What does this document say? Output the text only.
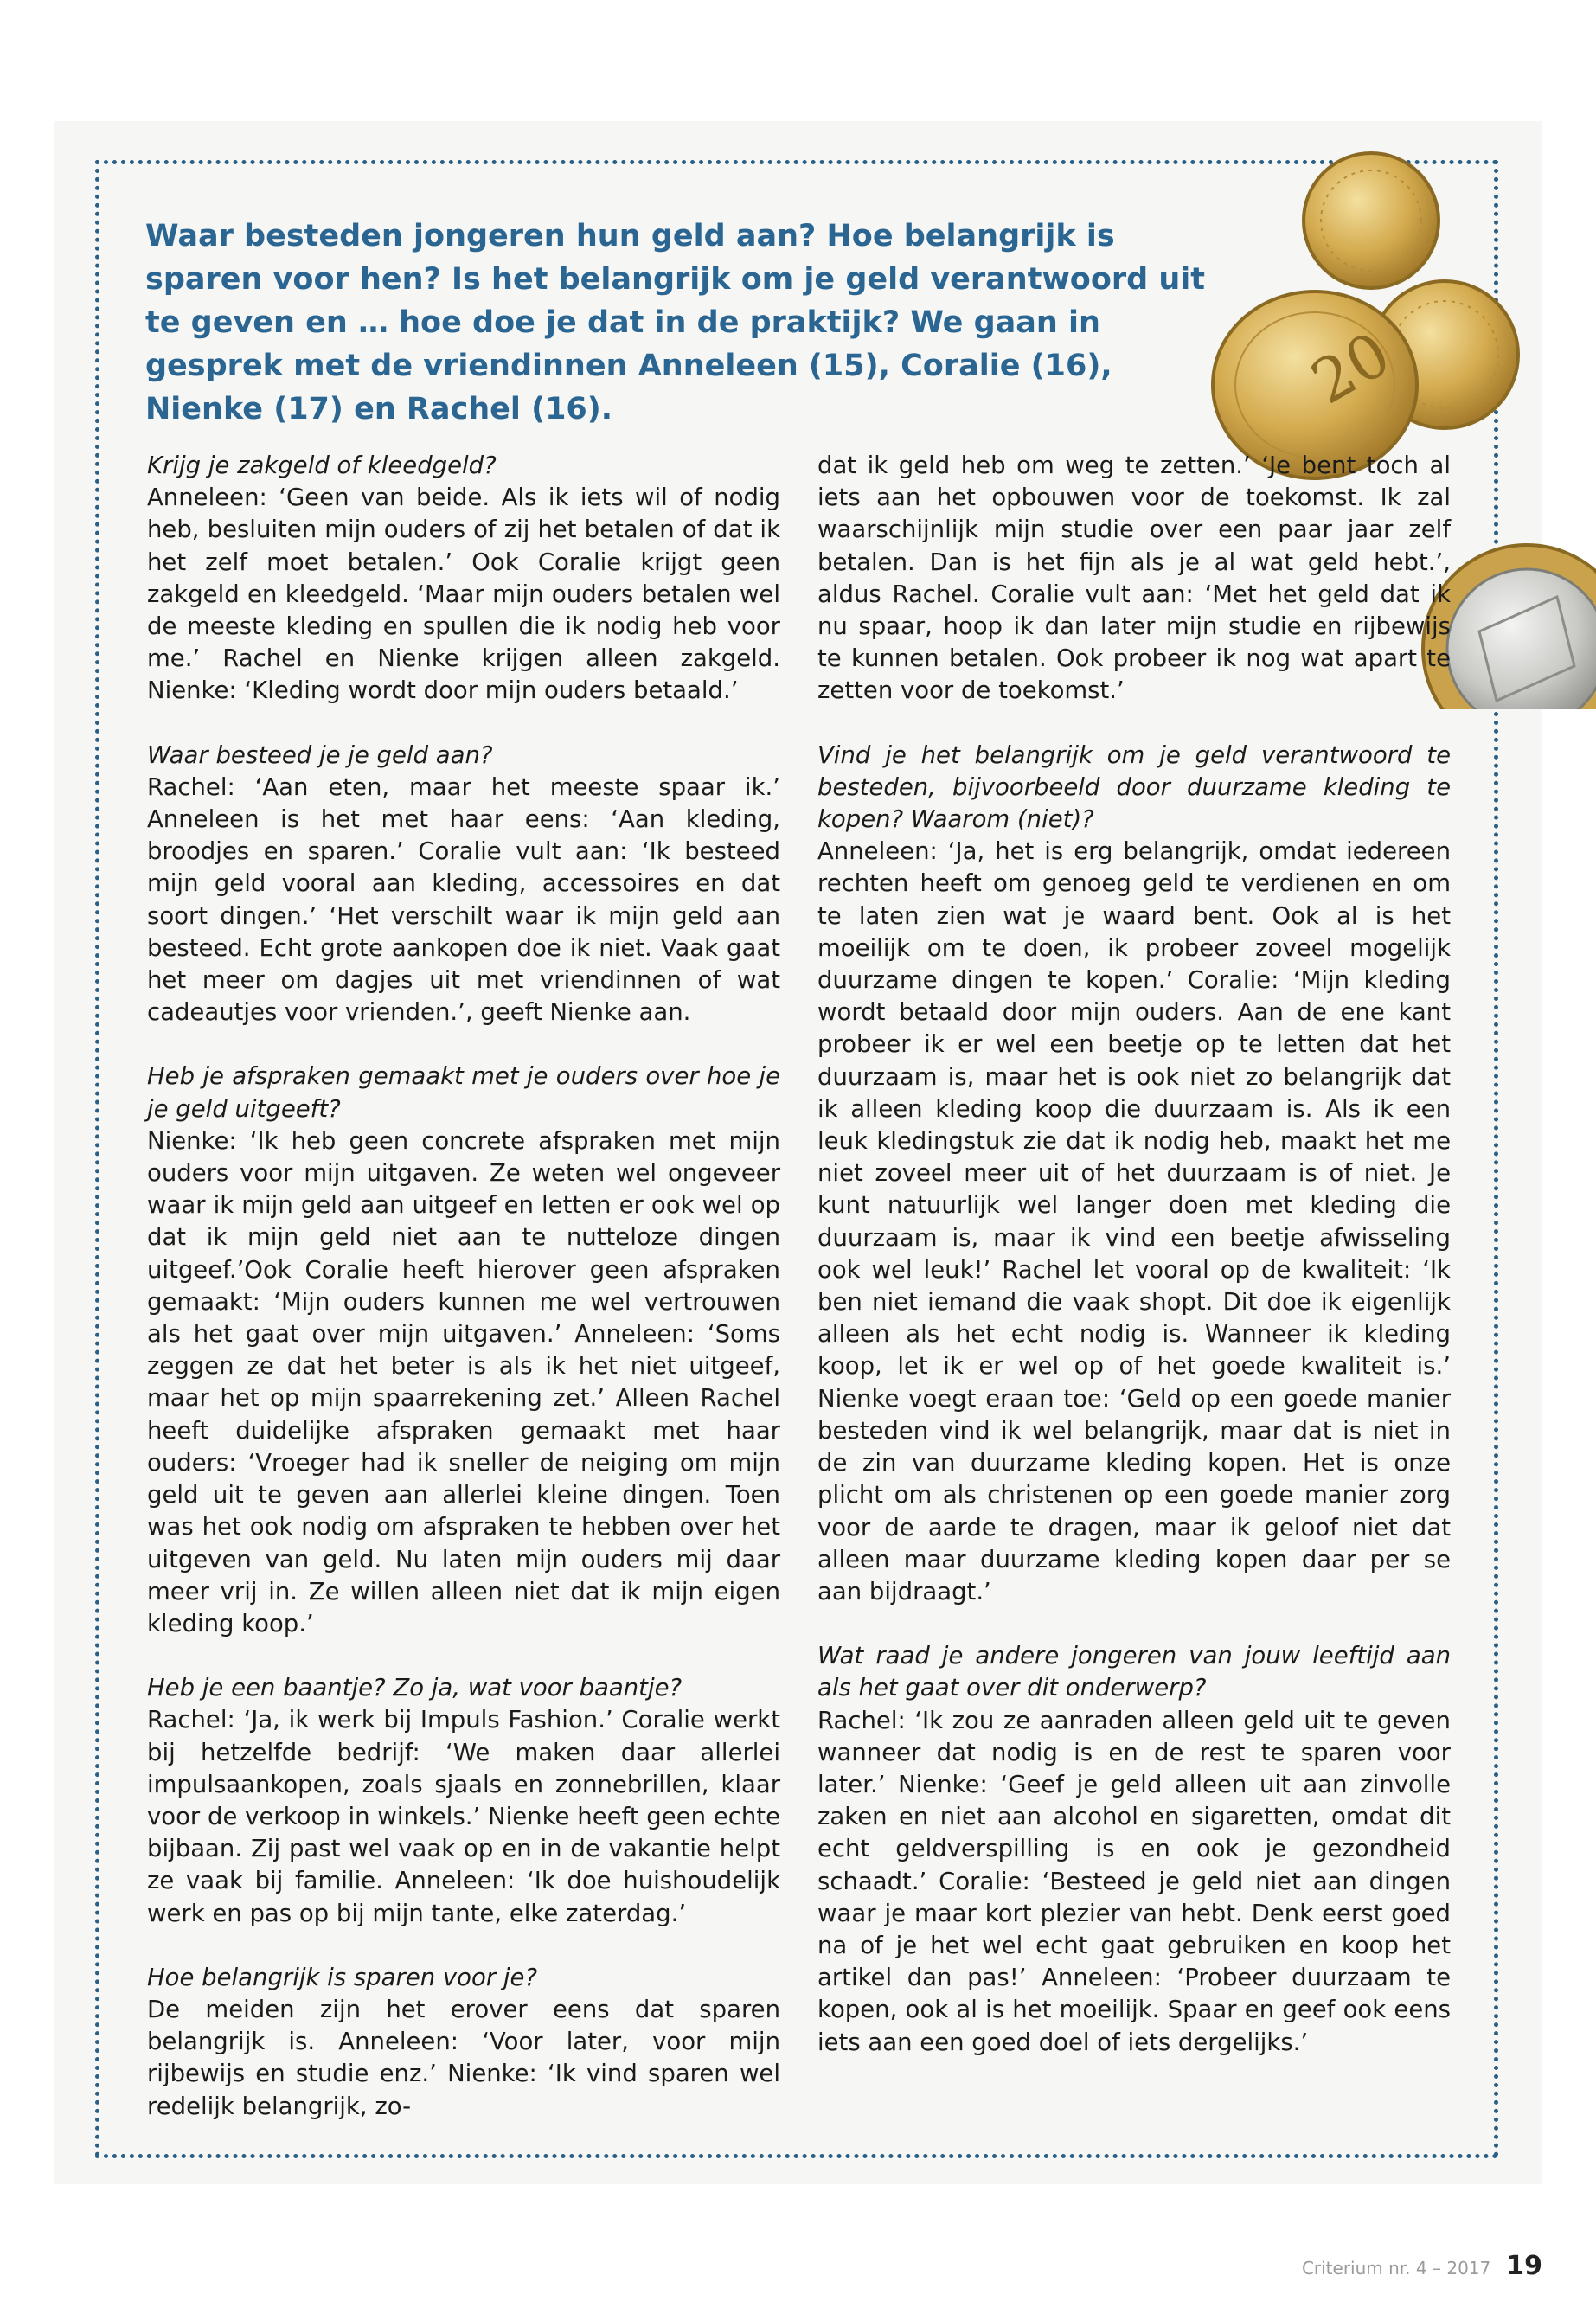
Waar besteden jongeren hun geld aan? Hoe belangrijk is sparen voor hen? Is het belangrijk om je geld verantwoord uit te geven en … hoe doe je dat in de praktijk? We gaan in gesprek met de vriendinnen Anneleen (15), Coralie (16), Nienke (17) en Rachel (16).	20

Krijg je zakgeld of kleedgeld?
Anneleen: ‘Geen van beide. Als ik iets wil of nodig heb, besluiten mijn ouders of zij het betalen of dat ik het zelf moet betalen.’ Ook Coralie krijgt geen zakgeld en kleedgeld. ‘Maar mijn ouders betalen wel de meeste kleding en spullen die ik nodig heb voor me.’ Rachel en Nienke krijgen alleen zakgeld. Nienke: ‘Kleding wordt door mijn ouders betaald.’

Waar besteed je je geld aan?
Rachel: ‘Aan eten, maar het meeste spaar ik.’ Anneleen is het met haar eens: ‘Aan kleding, broodjes en sparen.’ Coralie vult aan: ‘Ik besteed mijn geld vooral aan kleding, accessoires en dat soort dingen.’ ‘Het verschilt waar ik mijn geld aan besteed. Echt grote aankopen doe ik niet. Vaak gaat het meer om dagjes uit met vriendinnen of wat cadeautjes voor vrienden.’, geeft Nienke aan.

Heb je afspraken gemaakt met je ouders over hoe je je geld uitgeeft?
Nienke: ‘Ik heb geen concrete afspraken met mijn ouders voor mijn uitgaven. Ze weten wel ongeveer waar ik mijn geld aan uitgeef en letten er ook wel op dat ik mijn geld niet aan te nutteloze dingen uitgeef.’Ook Coralie heeft hierover geen afspraken gemaakt: ‘Mijn ouders kunnen me wel vertrouwen als het gaat over mijn uitgaven.’ Anneleen: ‘Soms zeggen ze dat het beter is als ik het niet uitgeef, maar het op mijn spaarrekening zet.’ Alleen Rachel heeft duidelijke afspraken gemaakt met haar ouders: ‘Vroeger had ik sneller de neiging om mijn geld uit te geven aan allerlei kleine dingen. Toen was het ook nodig om afspraken te hebben over het uitgeven van geld. Nu laten mijn ouders mij daar meer vrij in. Ze willen alleen niet dat ik mijn eigen kleding koop.’

Heb je een baantje? Zo ja, wat voor baantje?
Rachel: ‘Ja, ik werk bij Impuls Fashion.’ Coralie werkt bij hetzelfde bedrijf: ‘We maken daar allerlei impulsaankopen, zoals sjaals en zonnebrillen, klaar voor de verkoop in winkels.’ Nienke heeft geen echte bijbaan. Zij past wel vaak op en in de vakantie helpt ze vaak bij familie. Anneleen: ‘Ik doe huishoudelijk werk en pas op bij mijn tante, elke zaterdag.’

Hoe belangrijk is sparen voor je?
De meiden zijn het erover eens dat sparen belangrijk is. Anneleen: ‘Voor later, voor mijn rijbewijs en studie enz.’ Nienke: ‘Ik vind sparen wel redelijk belangrijk, zo-

dat ik geld heb om weg te zetten.’ ‘Je bent toch al iets aan het opbouwen voor de toekomst. Ik zal waarschijnlijk mijn studie over een paar jaar zelf betalen. Dan is het fijn als je al wat geld hebt.’, aldus Rachel. Coralie vult aan: ‘Met het geld dat ik nu spaar, hoop ik dan later mijn studie en rijbewijs te kunnen betalen. Ook probeer ik nog wat apart te zetten voor de toekomst.’

Vind je het belangrijk om je geld verantwoord te besteden, bijvoorbeeld door duurzame kleding te kopen? Waarom (niet)?
Anneleen: ‘Ja, het is erg belangrijk, omdat iedereen rechten heeft om genoeg geld te verdienen en om te laten zien wat je waard bent. Ook al is het moeilijk om te doen, ik probeer zoveel mogelijk duurzame dingen te kopen.’ Coralie: ‘Mijn kleding wordt betaald door mijn ouders. Aan de ene kant probeer ik er wel een beetje op te letten dat het duurzaam is, maar het is ook niet zo belangrijk dat ik alleen kleding koop die duurzaam is. Als ik een leuk kledingstuk zie dat ik nodig heb, maakt het me niet zoveel meer uit of het duurzaam is of niet. Je kunt natuurlijk wel langer doen met kleding die duurzaam is, maar ik vind een beetje afwisseling ook wel leuk!’ Rachel let vooral op de kwaliteit: ‘Ik ben niet iemand die vaak shopt. Dit doe ik eigenlijk alleen als het echt nodig is. Wanneer ik kleding koop, let ik er wel op of het goede kwaliteit is.’ Nienke voegt eraan toe: ‘Geld op een goede manier besteden vind ik wel belangrijk, maar dat is niet in de zin van duurzame kleding kopen. Het is onze plicht om als christenen op een goede manier zorg voor de aarde te dragen, maar ik geloof niet dat alleen maar duurzame kleding kopen daar per se aan bijdraagt.’

Wat raad je andere jongeren van jouw leeftijd aan als het gaat over dit onderwerp?
Rachel: ‘Ik zou ze aanraden alleen geld uit te geven wanneer dat nodig is en de rest te sparen voor later.’ Nienke: ‘Geef je geld alleen uit aan zinvolle zaken en niet aan alcohol en sigaretten, omdat dit echt geldverspilling is en ook je gezondheid schaadt.’ Coralie: ‘Besteed je geld niet aan dingen waar je maar kort plezier van hebt. Denk eerst goed na of je het wel echt gaat gebruiken en koop het artikel dan pas!’ Anneleen: ‘Probeer duurzaam te kopen, ook al is het moeilijk. Spaar en geef ook eens iets aan een goed doel of iets dergelijks.’

Criterium nr. 4 – 2017 19
